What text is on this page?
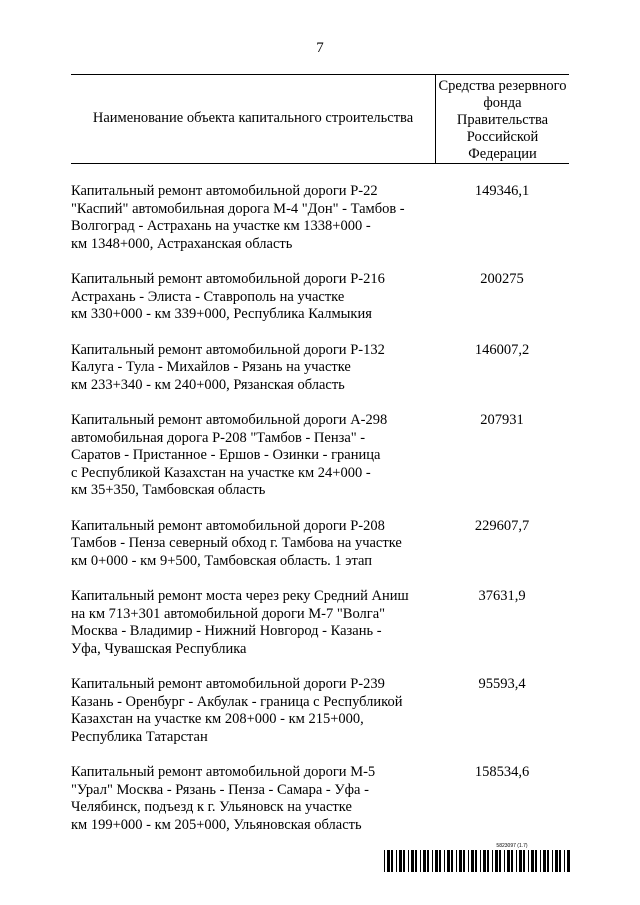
7
Наименование объекта капитального строительства
Средства резервного фонда Правительства Российской Федерации
Капитальный ремонт автомобильной дороги Р-22
"Каспий" автомобильная дорога М-4 "Дон" - Тамбов -
Волгоград - Астрахань на участке км 1338+000 -
км 1348+000, Астраханская область
149346,1
Капитальный ремонт автомобильной дороги Р-216
Астрахань - Элиста - Ставрополь на участке
км 330+000 - км 339+000, Республика Калмыкия
200275
Капитальный ремонт автомобильной дороги Р-132
Калуга - Тула - Михайлов - Рязань на участке
км 233+340 - км 240+000, Рязанская область
146007,2
Капитальный ремонт автомобильной дороги А-298
автомобильная дорога Р-208 "Тамбов - Пенза" -
Саратов - Пристанное - Ершов - Озинки - граница
с Республикой Казахстан на участке км 24+000 -
км 35+350, Тамбовская область
207931
Капитальный ремонт автомобильной дороги Р-208
Тамбов - Пенза северный обход г. Тамбова на участке
км 0+000 - км 9+500, Тамбовская область. 1 этап
229607,7
Капитальный ремонт моста через реку Средний Аниш
на км 713+301 автомобильной дороги М-7 "Волга"
Москва - Владимир - Нижний Новгород - Казань -
Уфа, Чувашская Республика
37631,9
Капитальный ремонт автомобильной дороги Р-239
Казань - Оренбург - Акбулак - граница с Республикой
Казахстан на участке км 208+000 - км 215+000,
Республика Татарстан
95593,4
Капитальный ремонт автомобильной дороги М-5
"Урал" Москва - Рязань - Пенза - Самара - Уфа -
Челябинск, подъезд к г. Ульяновск на участке
км 199+000 - км 205+000, Ульяновская область
158534,6
5823097 (1.7)
